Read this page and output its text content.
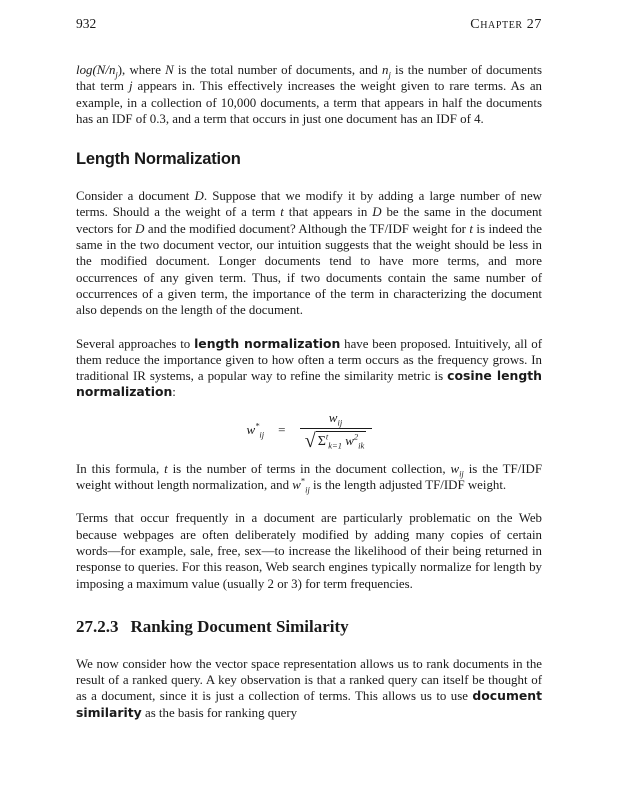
932	Chapter 27

$\log(N/n_j)$, where N is the total number of documents, and $n_j$ is the number of documents that term j appears in. This effectively increases the weight given to rare terms. As an example, in a collection of 10,000 documents, a term that appears in half the documents has an IDF of 0.3, and a term that occurs in just one document has an IDF of 4.

Length Normalization

Consider a document D. Suppose that we modify it by adding a large number of new terms. Should a the weight of a term t that appears in D be the same in the document vectors for D and the modified document? Although the TF/IDF weight for t is indeed the same in the two document vector, our intuition suggests that the weight should be less in the modified document. Longer documents tend to have more terms, and more occurrences of any given term. Thus, if two documents contain the same number of occurrences of a given term, the importance of the term in characterizing the document also depends on the length of the document.

Several approaches to length normalization have been proposed. Intuitively, all of them reduce the importance given to how often a term occurs as the frequency grows. In traditional IR systems, a popular way to refine the similarity metric is cosine length normalization:

$w^*_{ij} = \frac{w_{ij}}{√ \Sigma^t_{k=1} w^2_{ik}}$

In this formula, t is the number of terms in the document collection, $w_{ij}$ is the TF/IDF weight without length normalization, and $w^*_{ij}$ is the length adjusted TF/IDF weight.

Terms that occur frequently in a document are particularly problematic on the Web because webpages are often deliberately modified by adding many copies of certain words—for example, sale, free, sex—to increase the likelihood of their being returned in response to queries. For this reason, Web search engines typically normalize for length by imposing a maximum value (usually 2 or 3) for term frequencies.

27.2.3 Ranking Document Similarity

We now consider how the vector space representation allows us to rank documents in the result of a ranked query. A key observation is that a ranked query can itself be thought of as a document, since it is just a collection of terms. This allows us to use document similarity as the basis for ranking query
